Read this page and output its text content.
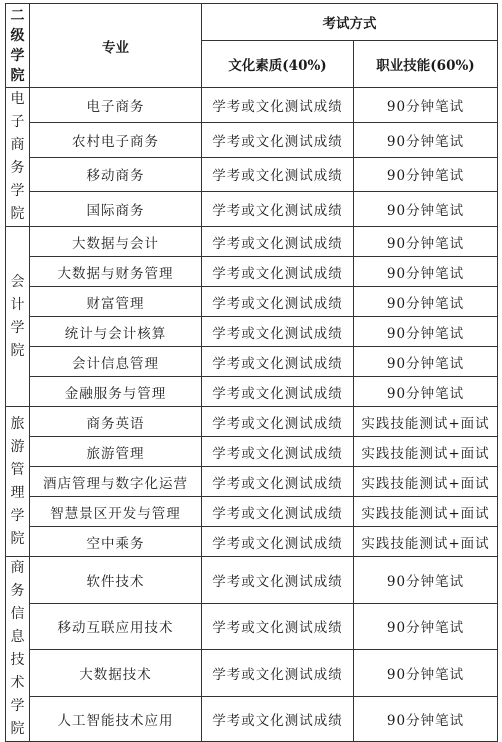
二级学院	专业	考试方式	
		文化素质(40%)	职业技能(60%)
电子商务学院	电子商务	学考或文化测试成绩	90分钟笔试
	农村电子商务	学考或文化测试成绩	90分钟笔试
	移动商务	学考或文化测试成绩	90分钟笔试
	国际商务	学考或文化测试成绩	90分钟笔试
会计学院	大数据与会计	学考或文化测试成绩	90分钟笔试
	大数据与财务管理	学考或文化测试成绩	90分钟笔试
	财富管理	学考或文化测试成绩	90分钟笔试
	统计与会计核算	学考或文化测试成绩	90分钟笔试
	会计信息管理	学考或文化测试成绩	90分钟笔试
	金融服务与管理	学考或文化测试成绩	90分钟笔试
旅游管理学院	商务英语	学考或文化测试成绩	实践技能测试+面试
	旅游管理	学考或文化测试成绩	实践技能测试+面试
	酒店管理与数字化运营	学考或文化测试成绩	实践技能测试+面试
	智慧景区开发与管理	学考或文化测试成绩	实践技能测试+面试
	空中乘务	学考或文化测试成绩	实践技能测试+面试
商务信息技术学院	软件技术	学考或文化测试成绩	90分钟笔试
	移动互联应用技术	学考或文化测试成绩	90分钟笔试
	大数据技术	学考或文化测试成绩	90分钟笔试
	人工智能技术应用	学考或文化测试成绩	90分钟笔试
